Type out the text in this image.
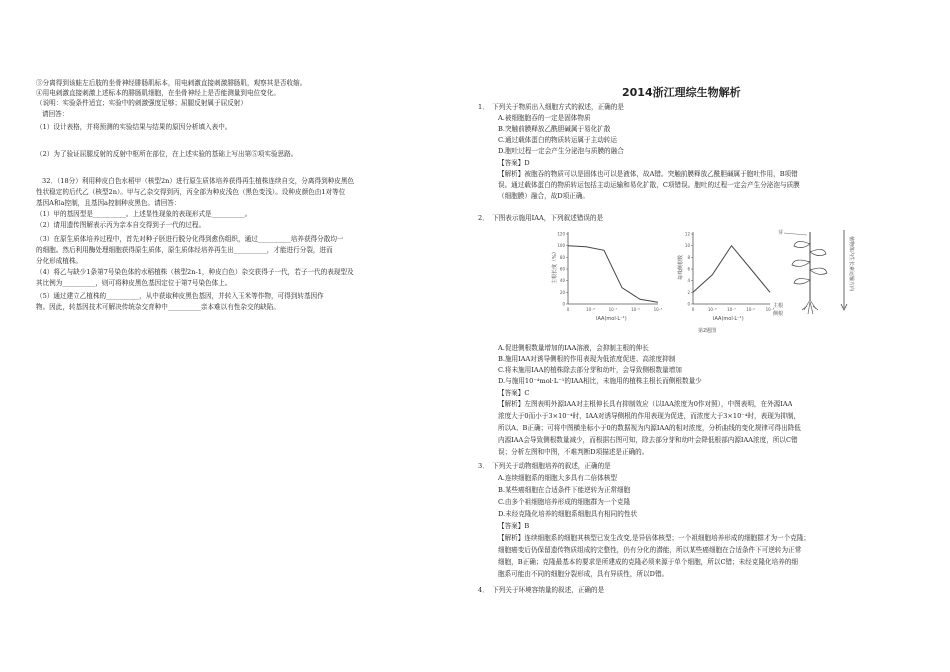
③分离得到该蛙左后肢的坐骨神经腓肠肌标本，用电刺激直接刺激腓肠肌，观察其是否收缩。
④用电刺激直接刺激上述标本的腓肠肌细胞，在坐骨神经上是否能测量到电位变化。
（说明：实验条件适宜；实验中的刺激强度足够；屈腿反射属于屈反射）
请回答：
（1）设计表格，并将预测的实验结果与结果的原因分析填入表中。
（2）为了验证屈腿反射的反射中枢所在部位，在上述实验的基础上写出第⑤项实验思路。
32．（18分）利用种皮白色水稻甲（核型2n）进行原生质体培养获得再生植株连续自交，分离得到种皮黑色
性状稳定的后代乙（核型2n）。甲与乙杂交得到丙，丙全部为种皮浅色（黑色变浅）。设种皮颜色由1对等位
基因A和a控制，且基因a控制种皮黑色。请回答：
（1）甲的基因型是__________。上述显性现象的表现形式是__________。
（2）请用遗传图解表示丙为亲本自交得到子一代的过程。
（3）在原生质体培养过程中，首先对种子胚进行脱分化得到愈伤组织，通过__________培养获得分散均一
的细胞。然后利用酶处理细胞获得原生质体，原生质体经培养再生出__________，才能进行分裂，进而
分化形成植株。
（4）将乙与缺少1条第7号染色体的水稻植株（核型2n-1，种皮白色）杂交获得子一代，若子一代的表现型及
其比例为__________，则可将种皮黑色基因定位于第7号染色体上。
（5）通过建立乙植株的__________，从中获取种皮黑色基因，并转入玉米等作物，可得到转基因作
物。因此，转基因技术可解决传统杂交育种中__________亲本难以有性杂交的缺陷。
2014浙江理综生物解析
1．　下列关于物质出入细胞方式的叙述，正确的是
A.被细胞胞吞的一定是固体物质
B.突触前膜释放乙酰胆碱属于易化扩散
C.通过载体蛋白的物质转运属于主动转运
D.胞吐过程一定会产生分泌泡与质膜的融合
【答案】D
【解析】被胞吞的物质可以是固体也可以是液体，故A错。突触前膜释放乙酰胆碱属于胞吐作用，B项错
误。通过载体蛋白的物质转运包括主动运输和易化扩散，C项错误。胞吐的过程一定会产生分泌泡与质膜
（细胞膜）融合，故D项正确。
2．　下图表示施用IAA，下列叙述错误的是
主根长度（%）
0
20
40
60
80
100
120
0	10⁻⁸	10⁻⁷	10⁻⁶	10⁻⁵
IAA(mol·L⁻¹)
每株侧根数
0
2
4
6
8
10
12
0	10⁻⁸	10⁻⁷	10⁻⁶	10⁻⁵
IAA(mol·L⁻¹)
芽
主根
侧根
植物体内生长素运输方向
第2题图
A.促进侧根数量增加的IAA溶液，会抑制主根的伸长
B.施用IAA对诱导侧根的作用表现为低浓度促进、高浓度抑制
C.将未施用IAA的植株除去部分芽和幼叶，会导致侧根数量增加
D.与施用10⁻⁴mol·L⁻¹的IAA相比，未施用的植株主根长而侧根数量少
【答案】C
【解析】左图表明外源IAA对主根伸长具有抑制效应（以IAA浓度为0作对照），中图表明，在外源IAA
浓度大于0而小于3×10⁻⁴时，IAA对诱导侧根的作用表现为促进，而浓度大于3×10⁻⁴时，表现为抑制，
所以A、B正确；可将中图横坐标小于0的数据视为内源IAA的相对浓度，分析曲线的变化规律可得出降低
内源IAA会导致侧根数量减少，而根据右图可知，除去部分芽和幼叶会降低根部内源IAA浓度，所以C错
误；分析左图和中图，不难判断D项描述是正确的。
3．　下列关于动物细胞培养的叙述，正确的是
A.连续细胞系的细胞大多具有二倍体核型
B.某些癌细胞在合适条件下能逆转为正常细胞
C.由多个祖细胞培养形成的细胞群为一个克隆
D.未经克隆化培养的细胞系细胞具有相同的性状
【答案】B
【解析】连续细胞系的细胞其核型已发生改变,是异倍体核型；一个祖细胞培养形成的细胞群才为一个克隆；
细胞癌变后仍保留遗传物质组成的完整性，仍有分化的潜能，所以某些癌细胞在合适条件下可逆转为正常
细胞，B正确；克隆最基本的要求是所建成的克隆必须来源于单个细胞，所以C错；未经克隆化培养的细
胞系可能由不同的细胞分裂形成，具有异质性，所以D错。
4．　下列关于环境容纳量的叙述，正确的是
